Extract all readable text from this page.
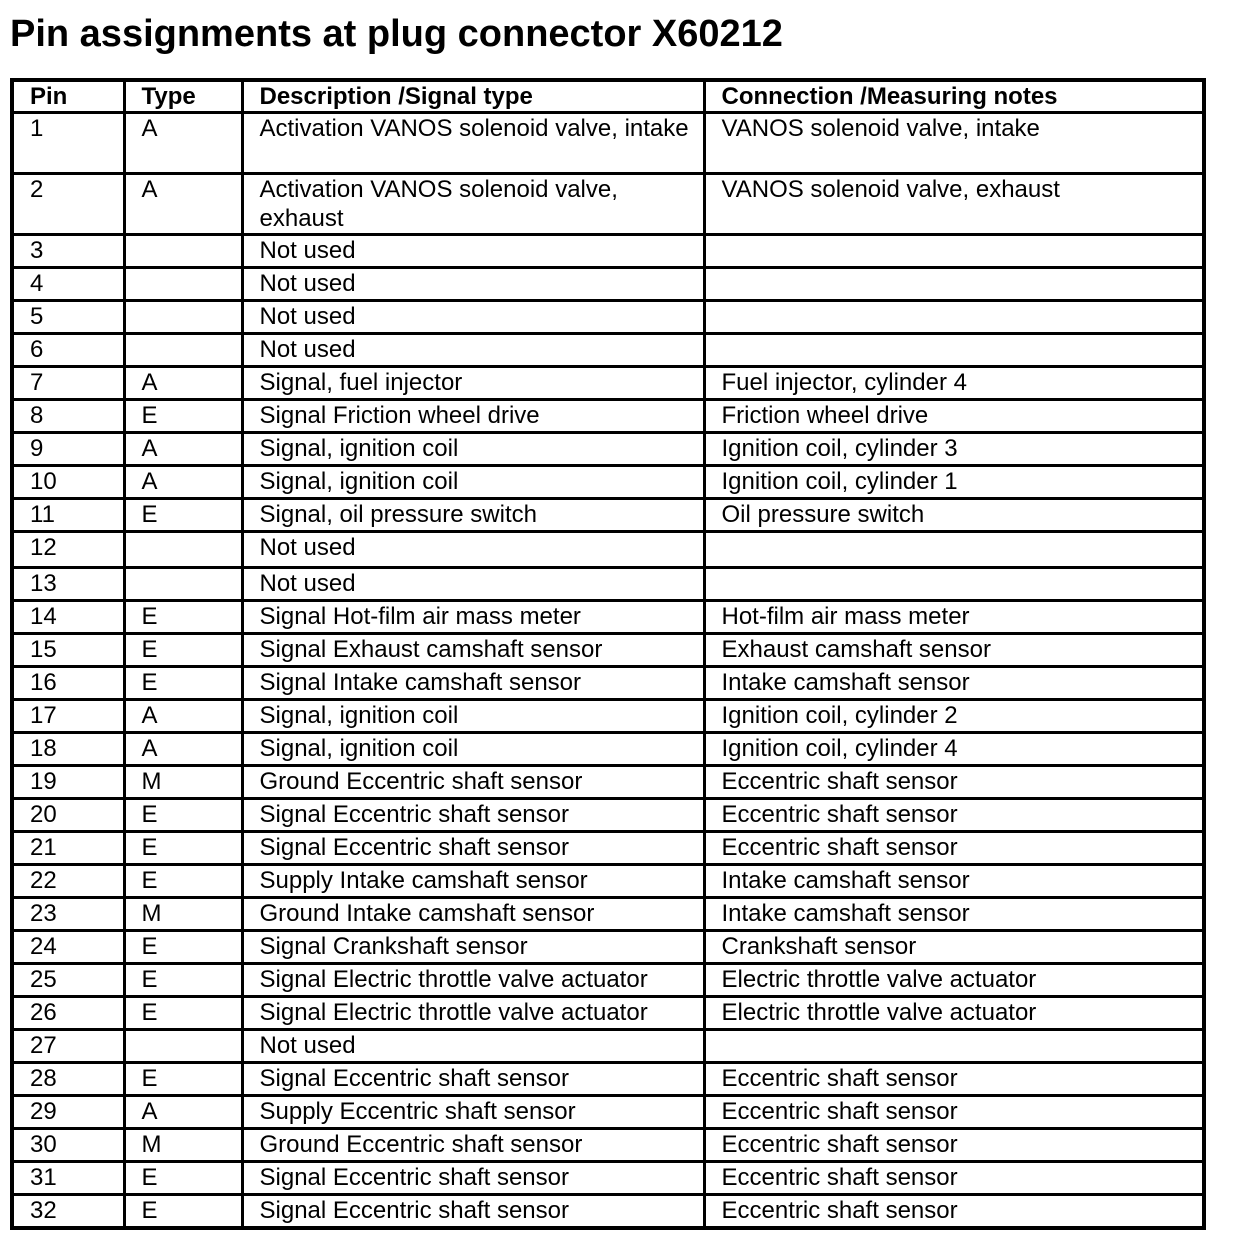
Pin assignments at plug connector X60212
Pin	Type	Description /Signal type	Connection /Measuring notes
1	A	Activation VANOS solenoid valve, intake	VANOS solenoid valve, intake
2	A	Activation VANOS solenoid valve, exhaust	VANOS solenoid valve, exhaust
3		Not used	
4		Not used	
5		Not used	
6		Not used	
7	A	Signal, fuel injector	Fuel injector, cylinder 4
8	E	Signal Friction wheel drive	Friction wheel drive
9	A	Signal, ignition coil	Ignition coil, cylinder 3
10	A	Signal, ignition coil	Ignition coil, cylinder 1
11	E	Signal, oil pressure switch	Oil pressure switch
12		Not used	
13		Not used	
14	E	Signal Hot-film air mass meter	Hot-film air mass meter
15	E	Signal Exhaust camshaft sensor	Exhaust camshaft sensor
16	E	Signal Intake camshaft sensor	Intake camshaft sensor
17	A	Signal, ignition coil	Ignition coil, cylinder 2
18	A	Signal, ignition coil	Ignition coil, cylinder 4
19	M	Ground Eccentric shaft sensor	Eccentric shaft sensor
20	E	Signal Eccentric shaft sensor	Eccentric shaft sensor
21	E	Signal Eccentric shaft sensor	Eccentric shaft sensor
22	E	Supply Intake camshaft sensor	Intake camshaft sensor
23	M	Ground Intake camshaft sensor	Intake camshaft sensor
24	E	Signal Crankshaft sensor	Crankshaft sensor
25	E	Signal Electric throttle valve actuator	Electric throttle valve actuator
26	E	Signal Electric throttle valve actuator	Electric throttle valve actuator
27		Not used	
28	E	Signal Eccentric shaft sensor	Eccentric shaft sensor
29	A	Supply Eccentric shaft sensor	Eccentric shaft sensor
30	M	Ground Eccentric shaft sensor	Eccentric shaft sensor
31	E	Signal Eccentric shaft sensor	Eccentric shaft sensor
32	E	Signal Eccentric shaft sensor	Eccentric shaft sensor
